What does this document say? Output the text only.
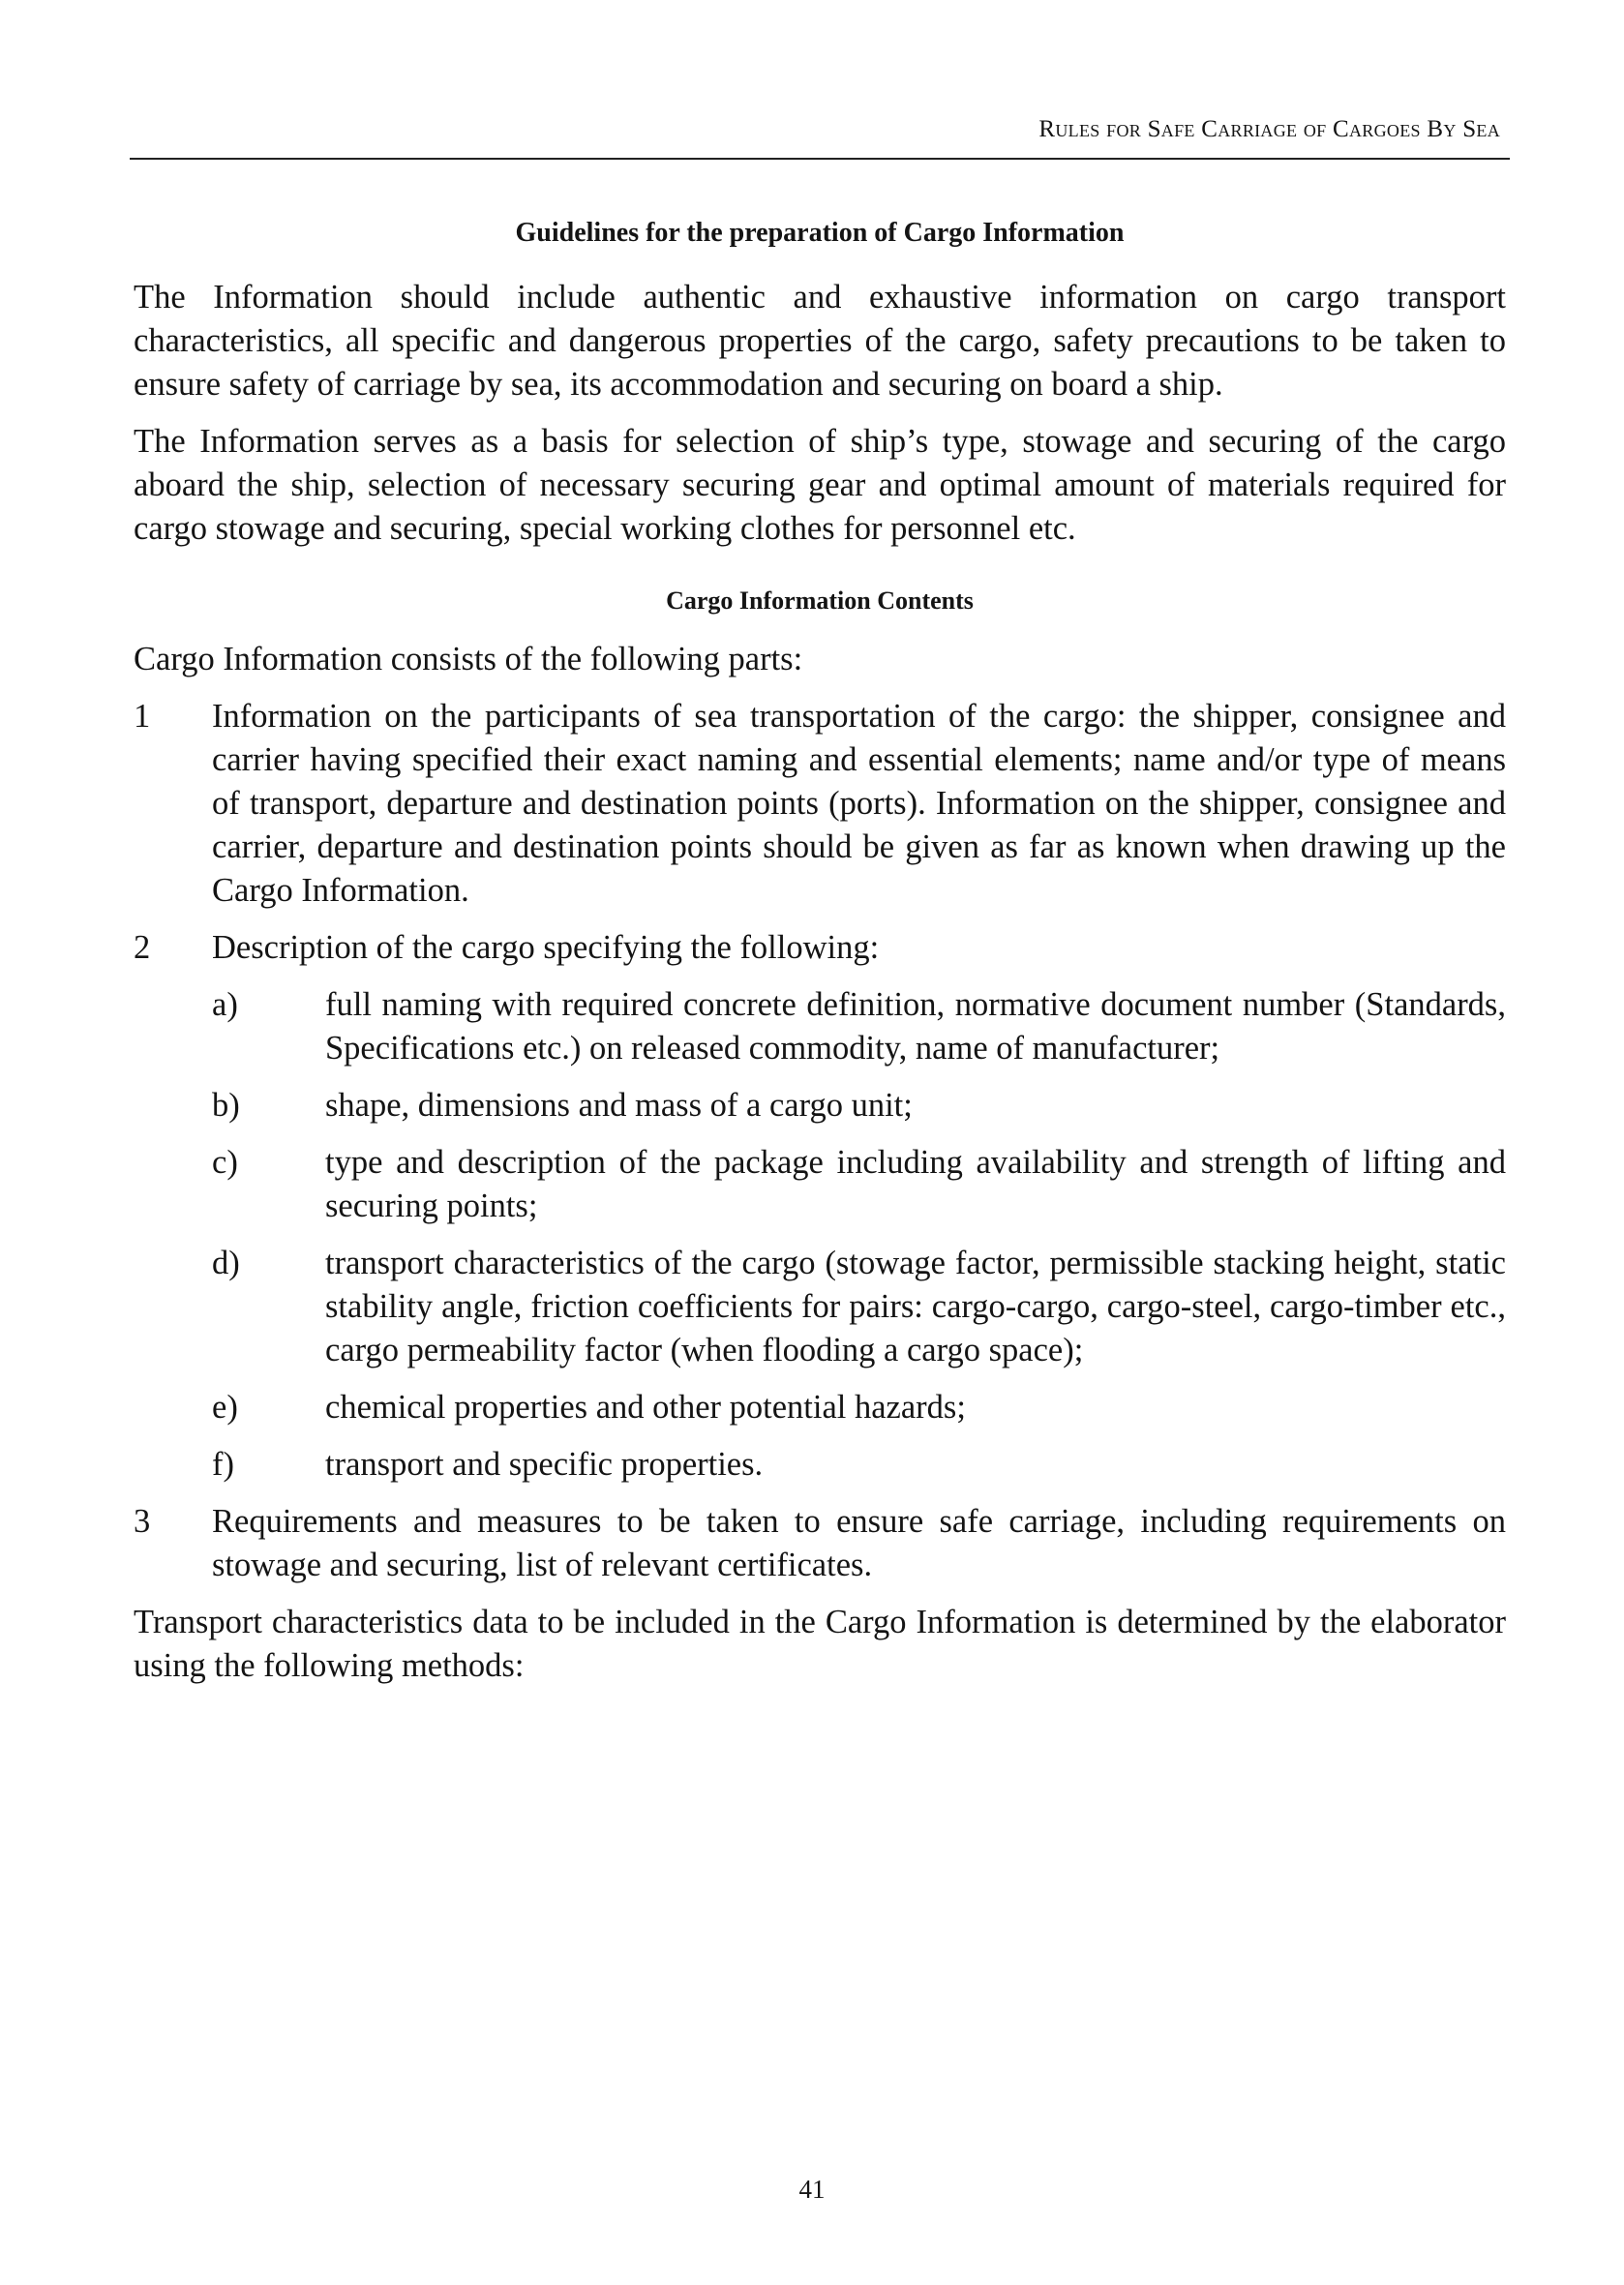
Rules for Safe Carriage of Cargoes By Sea
Guidelines for the preparation of Cargo Information

The Information should include authentic and exhaustive information on cargo transport characteristics, all specific and dangerous properties of the cargo, safety precautions to be taken to ensure safety of carriage by sea, its accommodation and securing on board a ship.

The Information serves as a basis for selection of ship’s type, stowage and securing of the cargo aboard the ship, selection of necessary securing gear and optimal amount of materials required for cargo stowage and securing, special working clothes for personnel etc.

Cargo Information Contents

Cargo Information consists of the following parts:

1	Information on the participants of sea transportation of the cargo: the shipper, consignee and carrier having specified their exact naming and essential elements; name and/or type of means of transport, departure and destination points (ports). Information on the shipper, consignee and carrier, departure and destination points should be given as far as known when drawing up the Cargo Information.
2	Description of the cargo specifying the following:
a)	full naming with required concrete definition, normative document number (Standards, Specifications etc.) on released commodity, name of manufacturer;
b)	shape, dimensions and mass of a cargo unit;
c)	type and description of the package including availability and strength of lifting and securing points;
d)	transport characteristics of the cargo (stowage factor, permissible stacking height, static stability angle, friction coefficients for pairs: cargo-cargo, cargo-steel, cargo-timber etc., cargo permeability factor (when flooding a cargo space);
e)	chemical properties and other potential hazards;
f)	transport and specific properties.
3	Requirements and measures to be taken to ensure safe carriage, including requirements on stowage and securing, list of relevant certificates.

Transport characteristics data to be included in the Cargo Information is determined by the elaborator using the following methods:

41
